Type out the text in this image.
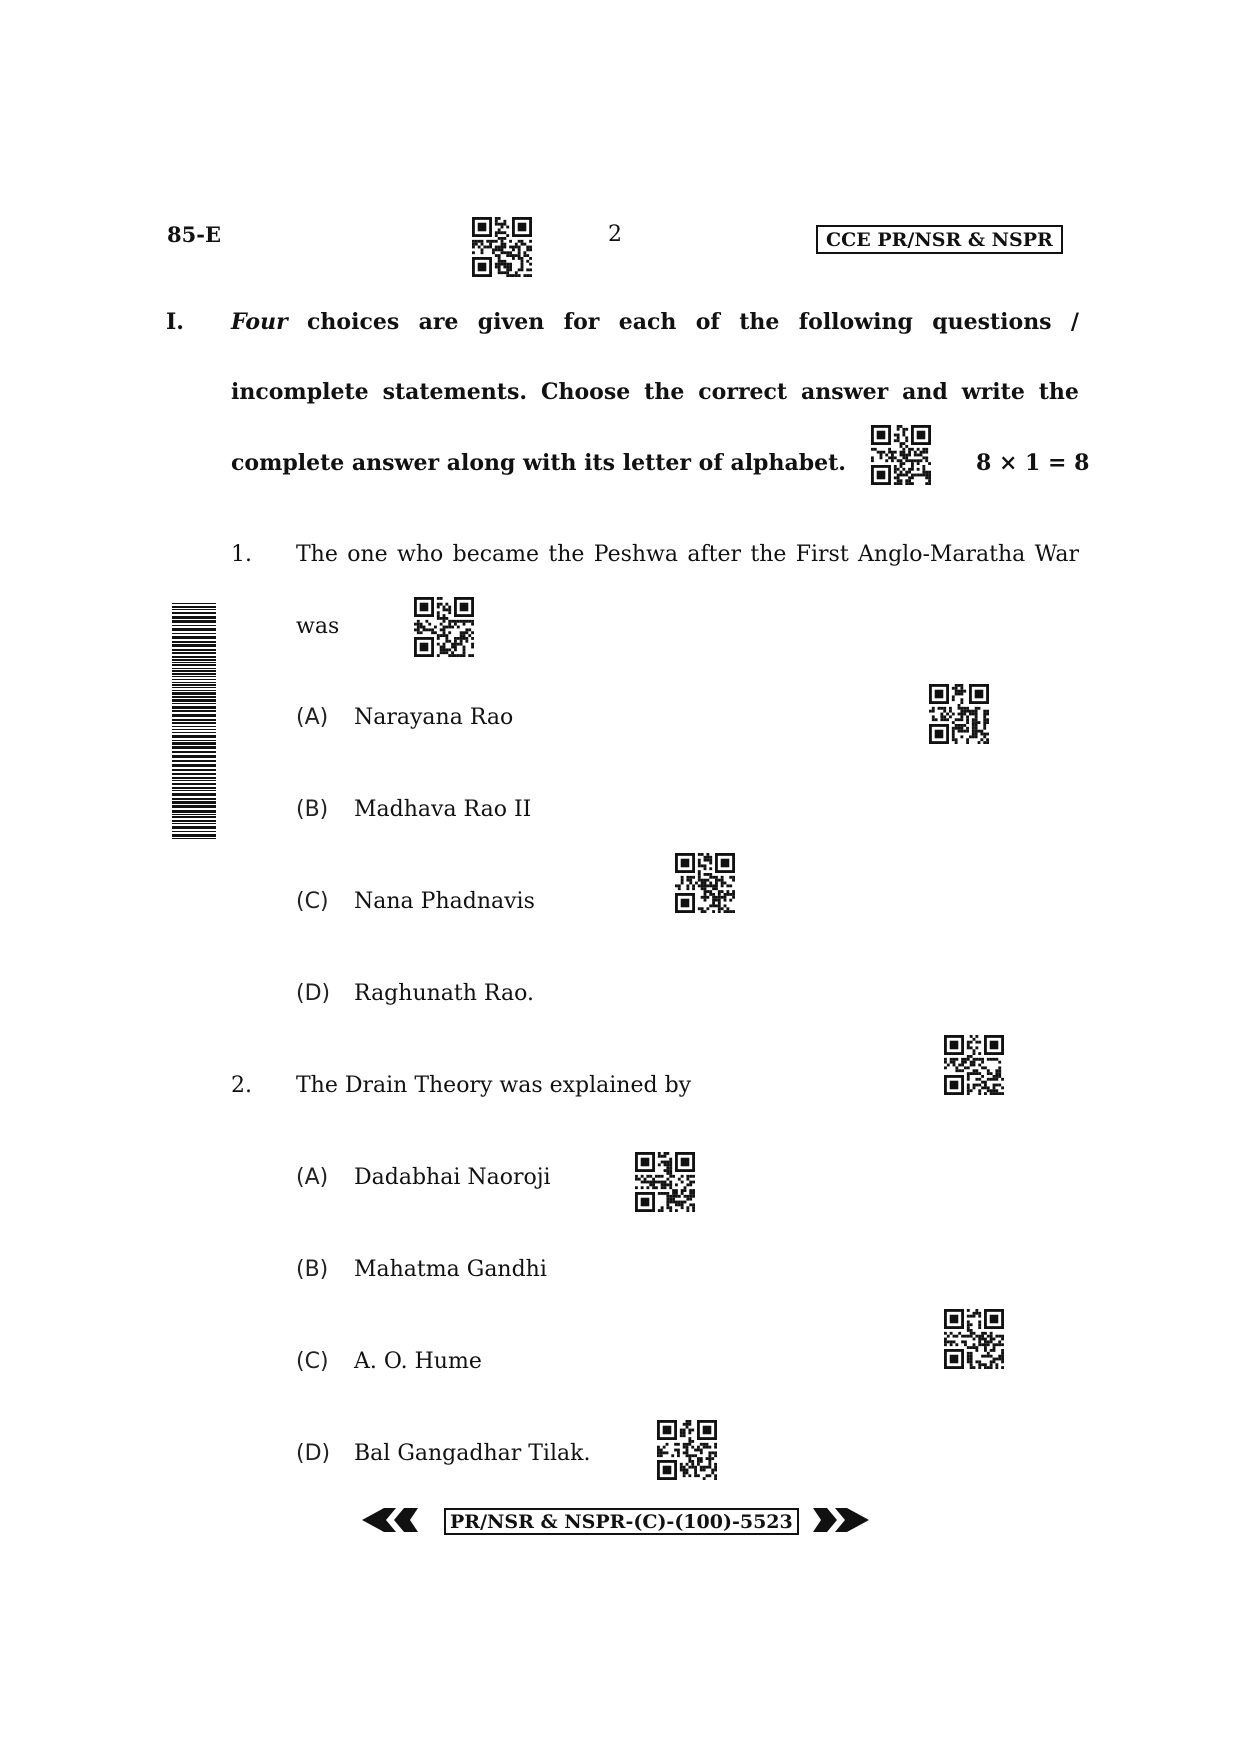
85-E	2	CCE PR/NSR & NSPR
I. Four choices are given for each of the following questions /
incomplete statements. Choose the correct answer and write the
complete answer along with its letter of alphabet.	8 × 1 = 8
1. The one who became the Peshwa after the First Anglo-Maratha War
was
(A) Narayana Rao
(B) Madhava Rao II
(C) Nana Phadnavis
(D) Raghunath Rao.
2. The Drain Theory was explained by
(A) Dadabhai Naoroji
(B) Mahatma Gandhi
(C) A. O. Hume
(D) Bal Gangadhar Tilak.
PR/NSR & NSPR-(C)-(100)-5523
